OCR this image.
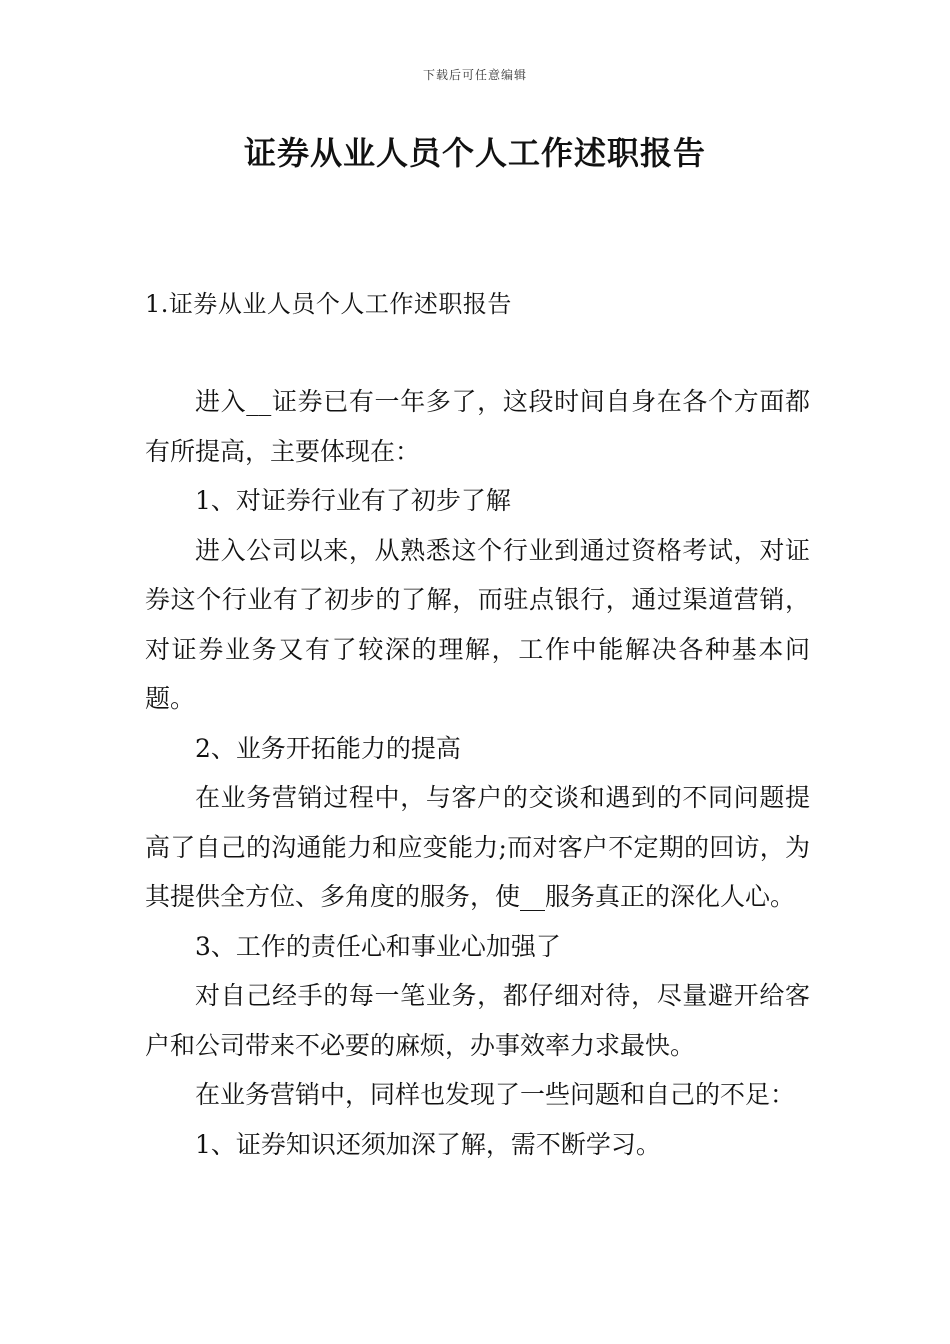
下载后可任意编辑
证券从业人员个人工作述职报告
1.证券从业人员个人工作述职报告

进入__证券已有一年多了，这段时间自身在各个方面都有所提高，主要体现在：

1、对证券行业有了初步了解

进入公司以来，从熟悉这个行业到通过资格考试，对证券这个行业有了初步的了解，而驻点银行，通过渠道营销，对证券业务又有了较深的理解，工作中能解决各种基本问题。

2、业务开拓能力的提高

在业务营销过程中，与客户的交谈和遇到的不同问题提高了自己的沟通能力和应变能力;而对客户不定期的回访，为其提供全方位、多角度的服务，使__服务真正的深化人心。

3、工作的责任心和事业心加强了

对自己经手的每一笔业务，都仔细对待，尽量避开给客户和公司带来不必要的麻烦，办事效率力求最快。

在业务营销中，同样也发现了一些问题和自己的不足：

1、证券知识还须加深了解，需不断学习。
